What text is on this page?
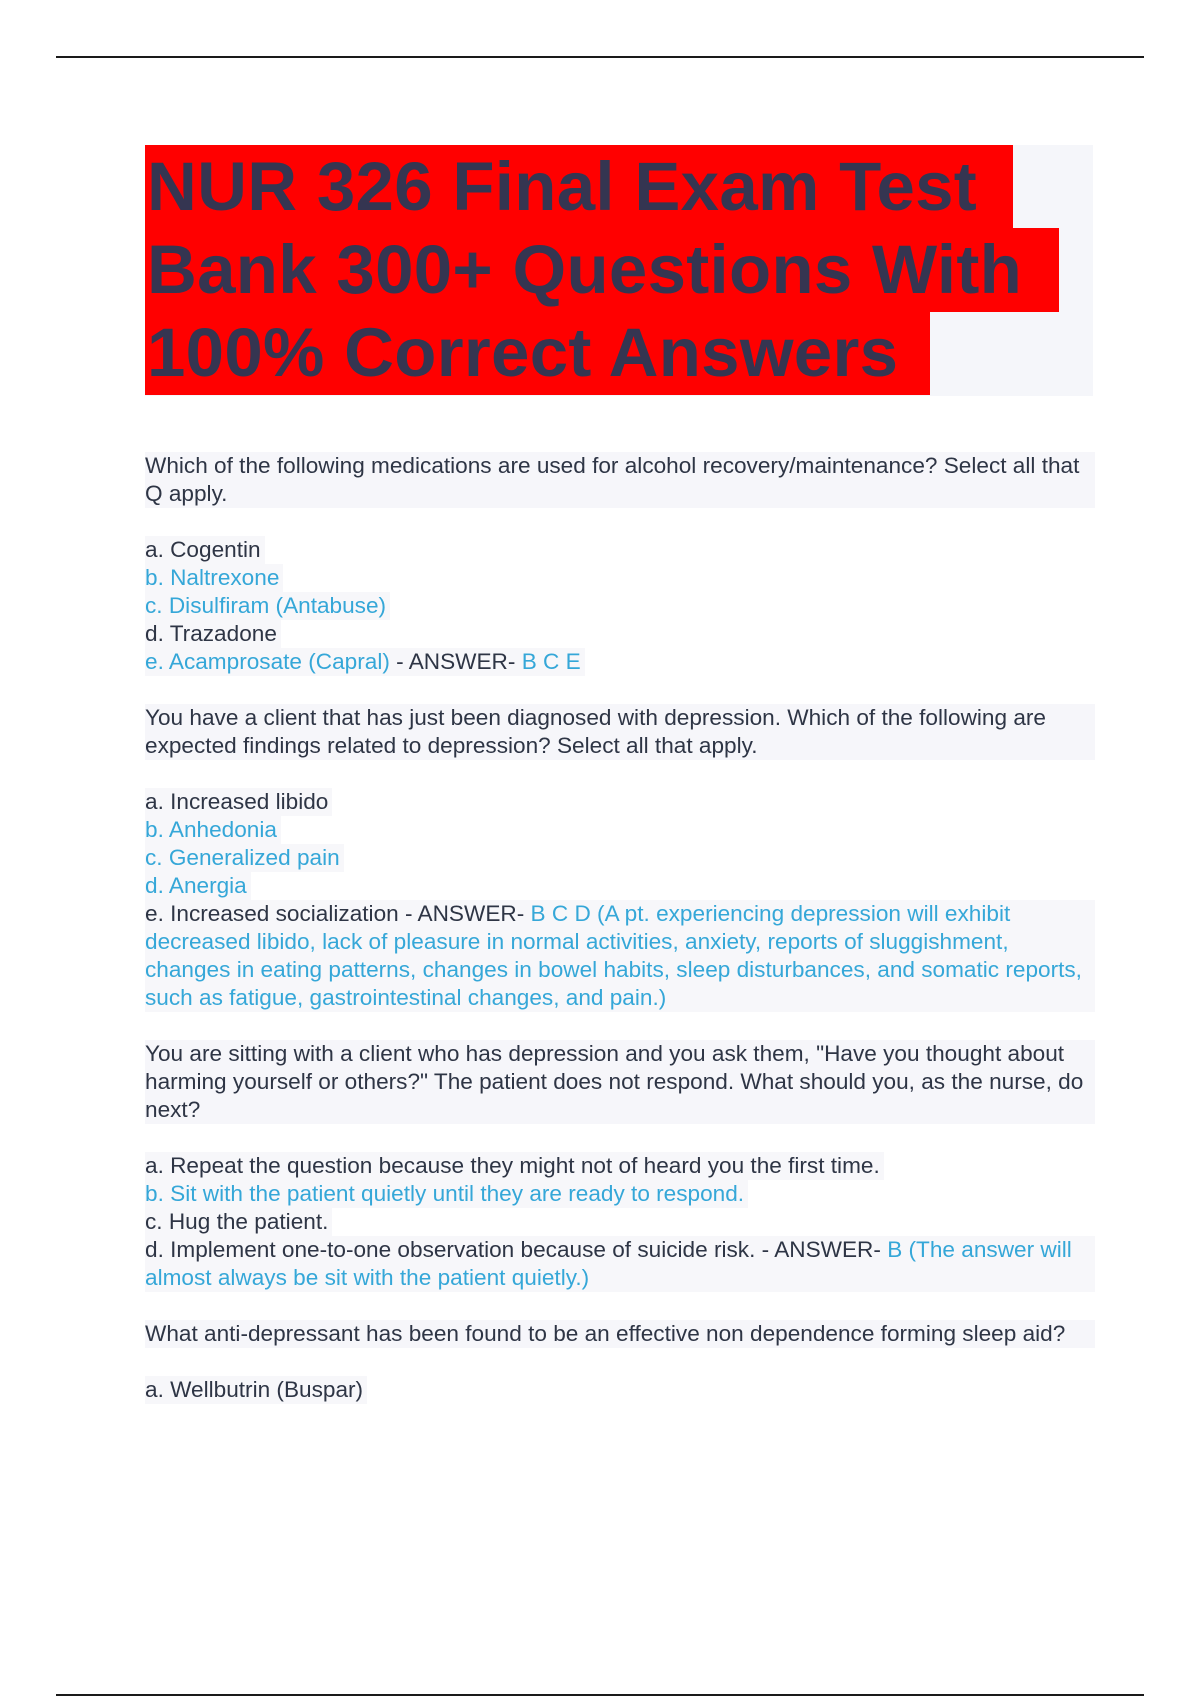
NUR 326 Final Exam Test
Bank 300+ Questions With
100% Correct Answers
Which of the following medications are used for alcohol recovery/maintenance? Select all that Q apply.
a. Cogentin
b. Naltrexone
c. Disulfiram (Antabuse)
d. Trazadone
e. Acamprosate (Capral) - ANSWER- B C E
You have a client that has just been diagnosed with depression. Which of the following are expected findings related to depression? Select all that apply.
a. Increased libido
b. Anhedonia
c. Generalized pain
d. Anergia
e. Increased socialization - ANSWER- B C D (A pt. experiencing depression will exhibit decreased libido, lack of pleasure in normal activities, anxiety, reports of sluggishment, changes in eating patterns, changes in bowel habits, sleep disturbances, and somatic reports, such as fatigue, gastrointestinal changes, and pain.)
You are sitting with a client who has depression and you ask them, "Have you thought about harming yourself or others?" The patient does not respond. What should you, as the nurse, do next?
a. Repeat the question because they might not of heard you the first time.
b. Sit with the patient quietly until they are ready to respond.
c. Hug the patient.
d. Implement one-to-one observation because of suicide risk. - ANSWER- B (The answer will almost always be sit with the patient quietly.)
What anti-depressant has been found to be an effective non dependence forming sleep aid?
a. Wellbutrin (Buspar)
